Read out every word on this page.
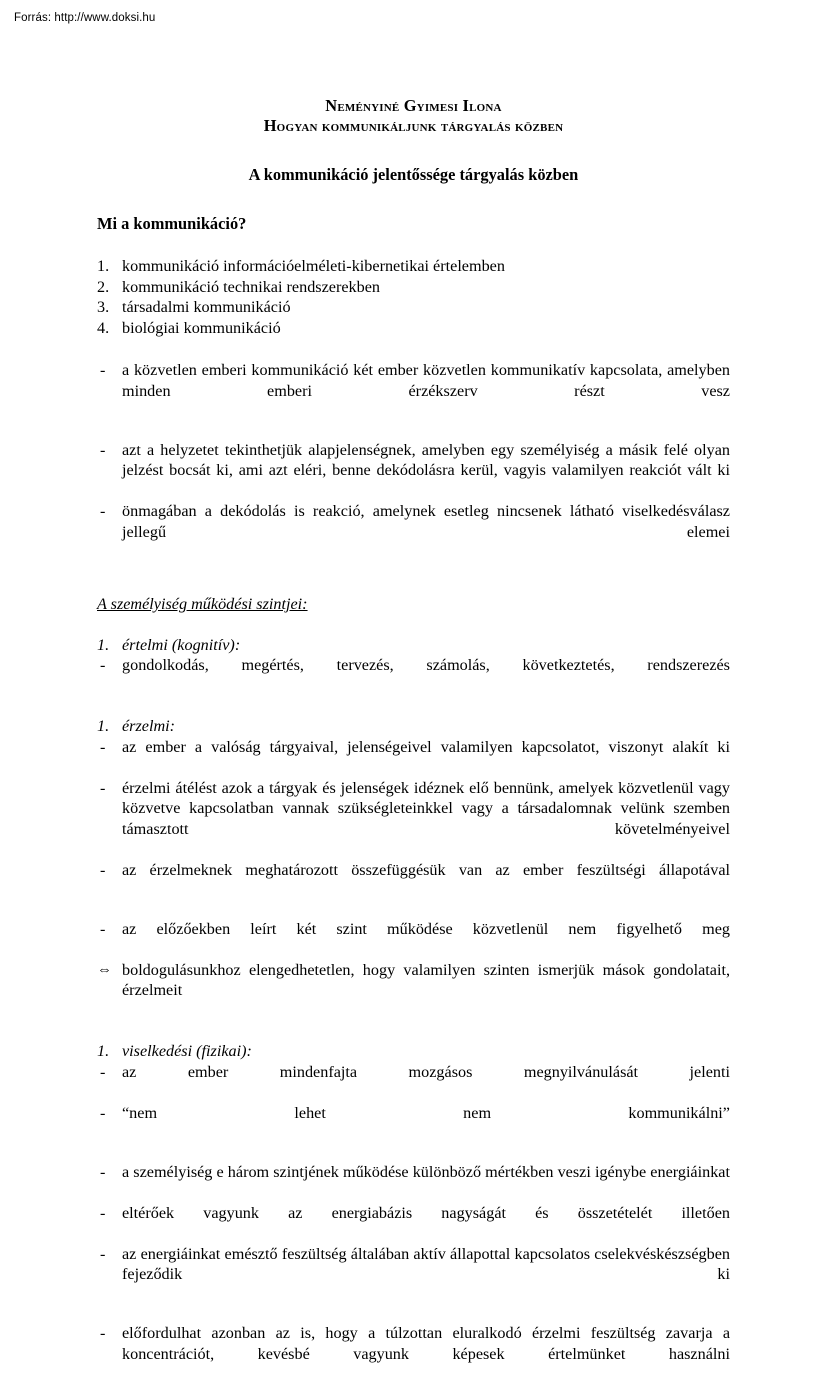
Forrás: http://www.doksi.hu
Neményiné Gyimesi Ilona
Hogyan kommunikáljunk tárgyalás közben
A kommunikáció jelentőssége tárgyalás közben
Mi a kommunikáció?
1. kommunikáció információelméleti-kibernetikai értelemben
2. kommunikáció technikai rendszerekben
3. társadalmi kommunikáció
4. biológiai kommunikáció
- a közvetlen emberi kommunikáció két ember közvetlen kommunikatív kapcsolata, amelyben minden emberi érzékszerv részt vesz
- azt a helyzetet tekinthetjük alapjelenségnek, amelyben egy személyiség a másik felé olyan jelzést bocsát ki, ami azt eléri, benne dekódolásra kerül, vagyis valamilyen reakciót vált ki
- önmagában a dekódolás is reakció, amelynek esetleg nincsenek látható viselkedésválasz jellegű elemei
A személyiség működési szintjei:
1. értelmi (kognitív):
- gondolkodás, megértés, tervezés, számolás, következtetés, rendszerezés
1. érzelmi:
- az ember a valóság tárgyaival, jelenségeivel valamilyen kapcsolatot, viszonyt alakít ki
- érzelmi átélést azok a tárgyak és jelenségek idéznek elő bennünk, amelyek közvetlenül vagy közvetve kapcsolatban vannak szükségleteinkkel vagy a társadalomnak velünk szemben támasztott követelményeivel
- az érzelmeknek meghatározott összefüggésük van az ember feszültségi állapotával
- az előzőekben leírt két szint működése közvetlenül nem figyelhető meg
⇔ boldogulásunkhoz elengedhetetlen, hogy valamilyen szinten ismerjük mások gondolatait, érzelmeit
1. viselkedési (fizikai):
- az ember mindenfajta mozgásos megnyilvánulását jelenti
- “nem lehet nem kommunikálni”
- a személyiség e három szintjének működése különböző mértékben veszi igénybe energiáinkat
- eltérőek vagyunk az energiabázis nagyságát és összetételét illetően
- az energiáinkat emésztő feszültség általában aktív állapottal kapcsolatos cselekvéskészségben fejeződik ki
- előfordulhat azonban az is, hogy a túlzottan eluralkodó érzelmi feszültség zavarja a koncentrációt, kevésbé vagyunk képesek értelmünket használni
